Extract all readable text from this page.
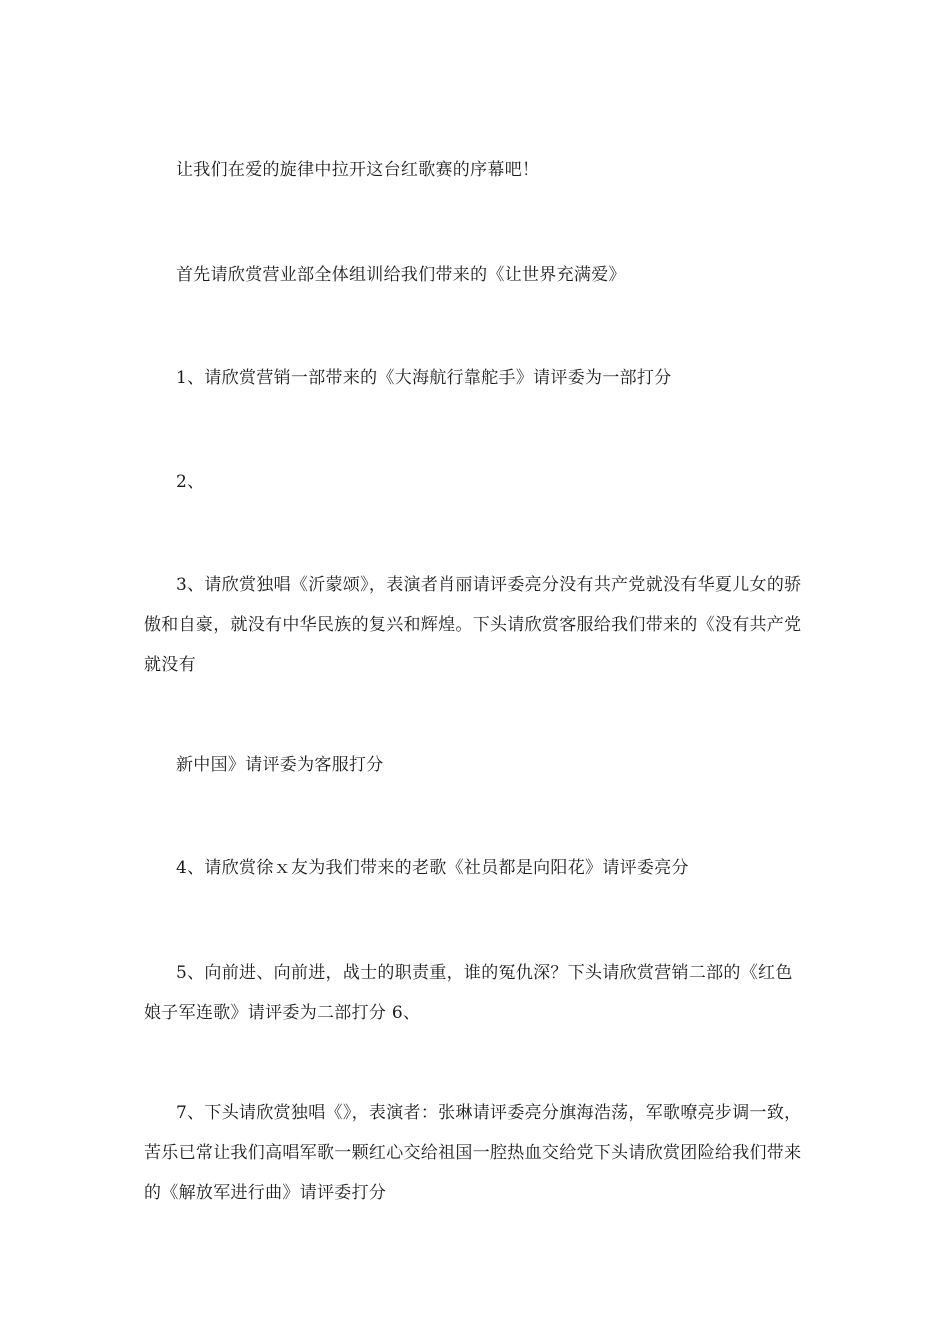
让我们在爱的旋律中拉开这台红歌赛的序幕吧！

首先请欣赏营业部全体组训给我们带来的《让世界充满爱》

1、请欣赏营销一部带来的《大海航行靠舵手》请评委为一部打分

2、

3、请欣赏独唱《沂蒙颂》，表演者肖丽请评委亮分没有共产党就没有华夏儿女的骄傲和自豪，就没有中华民族的复兴和辉煌。下头请欣赏客服给我们带来的《没有共产党就没有

新中国》请评委为客服打分

4、请欣赏徐ｘ友为我们带来的老歌《社员都是向阳花》请评委亮分

5、向前进、向前进，战士的职责重，谁的冤仇深？下头请欣赏营销二部的《红色娘子军连歌》请评委为二部打分 6、

7、下头请欣赏独唱《》，表演者：张琳请评委亮分旗海浩荡，军歌嘹亮步调一致，苦乐已常让我们高唱军歌一颗红心交给祖国一腔热血交给党下头请欣赏团险给我们带来的《解放军进行曲》请评委打分
